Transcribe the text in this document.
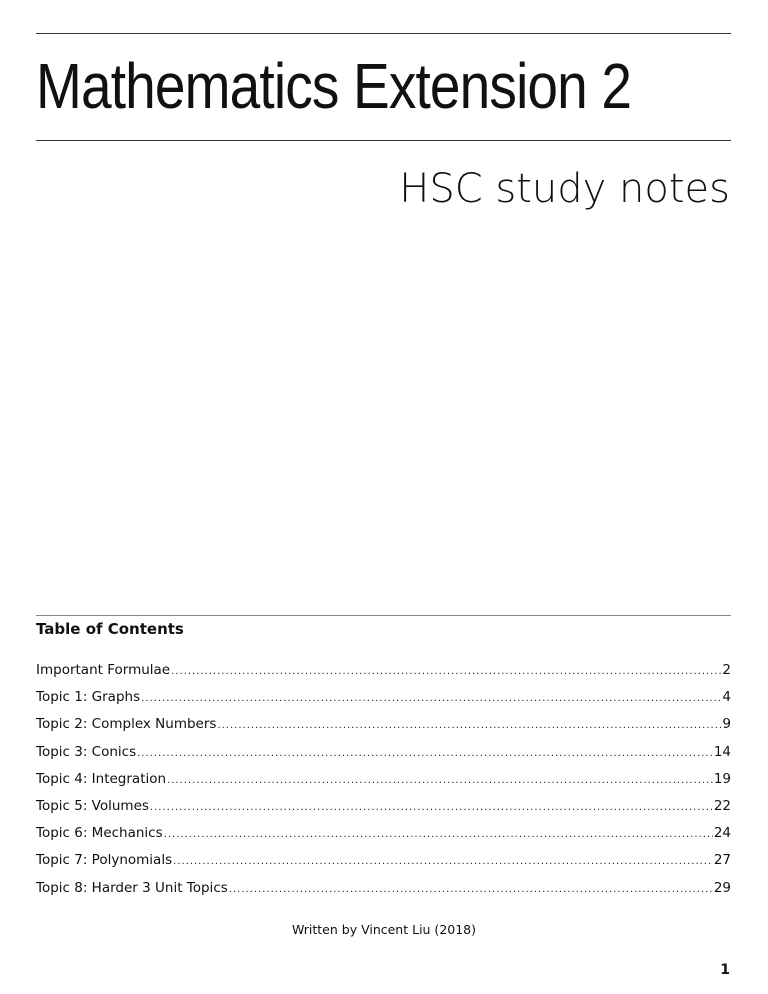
Mathematics Extension 2
HSC study notes
Table of Contents
Important Formulae .....	2
Topic 1: Graphs .....	4
Topic 2: Complex Numbers .....	9
Topic 3: Conics .....	14
Topic 4: Integration .....	19
Topic 5: Volumes .....	22
Topic 6: Mechanics .....	24
Topic 7: Polynomials .....	27
Topic 8: Harder 3 Unit Topics .....	29
Written by Vincent Liu (2018)
1
